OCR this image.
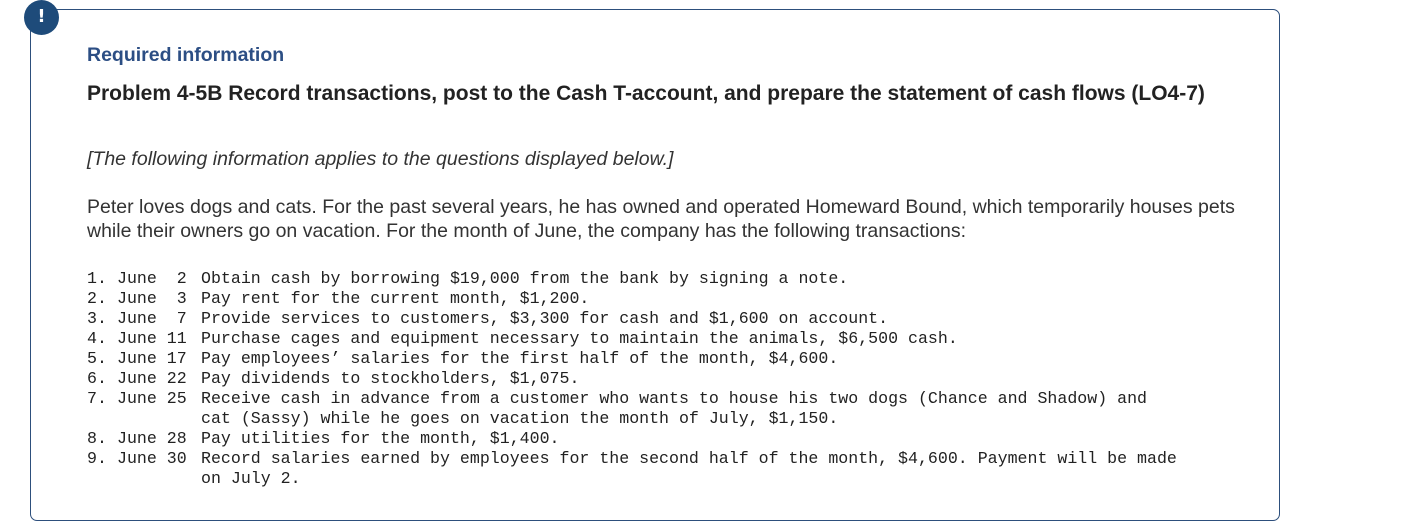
!
Required information
Problem 4-5B Record transactions, post to the Cash T-account, and prepare the statement of cash flows (LO4-7)

[The following information applies to the questions displayed below.]

Peter loves dogs and cats. For the past several years, he has owned and operated Homeward Bound, which temporarily houses pets while their owners go on vacation. For the month of June, the company has the following transactions:

1. June  2 Obtain cash by borrowing $19,000 from the bank by signing a note.
2. June  3 Pay rent for the current month, $1,200.
3. June  7 Provide services to customers, $3,300 for cash and $1,600 on account.
4. June 11 Purchase cages and equipment necessary to maintain the animals, $6,500 cash.
5. June 17 Pay employees’ salaries for the first half of the month, $4,600.
6. June 22 Pay dividends to stockholders, $1,075.
7. June 25 Receive cash in advance from a customer who wants to house his two dogs (Chance and Shadow) and
cat (Sassy) while he goes on vacation the month of July, $1,150.
8. June 28 Pay utilities for the month, $1,400.
9. June 30 Record salaries earned by employees for the second half of the month, $4,600. Payment will be made
on July 2.
